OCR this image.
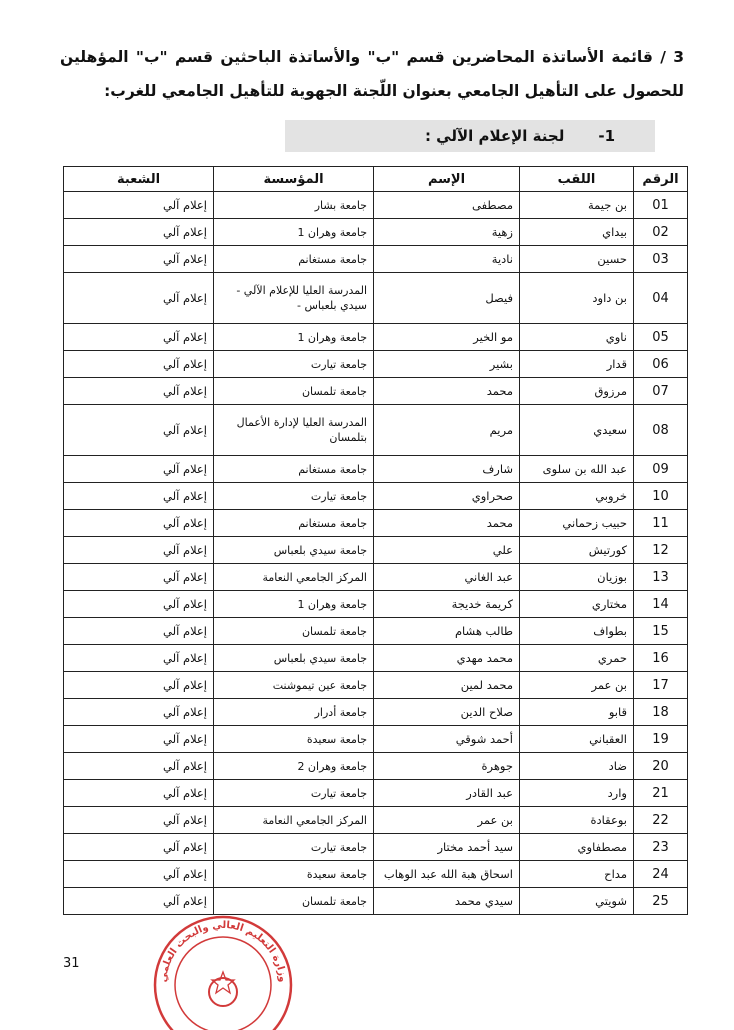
3 / قائمة الأساتذة المحاضرين قسم "ب" والأساتذة الباحثين قسم "ب" المؤهلين للحصول على التأهيل الجامعي بعنوان اللّجنة الجهوية للتأهيل الجامعي للغرب:
1-
لجنة الإعلام الآلي :
الرقم	اللقب	الإسم	المؤسسة	الشعبة
01	بن جيمة	مصطفى	جامعة بشار	إعلام آلي
02	بيداي	زهية	جامعة وهران 1	إعلام آلي
03	حسين	نادية	جامعة مستغانم	إعلام آلي
04	بن داود	فيصل	المدرسة العليا للإعلام الآلي - سيدي بلعباس -	إعلام آلي
05	ناوي	مو الخير	جامعة وهران 1	إعلام آلي
06	قدار	بشير	جامعة تيارت	إعلام آلي
07	مرزوق	محمد	جامعة تلمسان	إعلام آلي
08	سعيدي	مريم	المدرسة العليا لإدارة الأعمال بتلمسان	إعلام آلي
09	عبد الله بن سلوى	شارف	جامعة مستغانم	إعلام آلي
10	خروبي	صحراوي	جامعة تيارت	إعلام آلي
11	حبيب زحماني	محمد	جامعة مستغانم	إعلام آلي
12	كورتيش	علي	جامعة سيدي بلعباس	إعلام آلي
13	بوزيان	عبد الغاني	المركز الجامعي النعامة	إعلام آلي
14	مختاري	كريمة خديجة	جامعة وهران 1	إعلام آلي
15	بطواف	طالب هشام	جامعة تلمسان	إعلام آلي
16	حمري	محمد مهدي	جامعة سيدي بلعباس	إعلام آلي
17	بن عمر	محمد لمين	جامعة عين تيموشنت	إعلام آلي
18	قابو	صلاح الدين	جامعة أدرار	إعلام آلي
19	العقباني	أحمد شوقي	جامعة سعيدة	إعلام آلي
20	ضاد	جوهرة	جامعة وهران 2	إعلام آلي
21	وارد	عبد القادر	جامعة تيارت	إعلام آلي
22	بوعقادة	بن عمر	المركز الجامعي النعامة	إعلام آلي
23	مصطفاوي	سيد أحمد مختار	جامعة تيارت	إعلام آلي
24	مداح	اسحاق هبة الله عبد الوهاب	جامعة سعيدة	إعلام آلي
25	شويتي	سيدي محمد	جامعة تلمسان	إعلام آلي
31
وزارة التعليم العالي والبحث العلمي
